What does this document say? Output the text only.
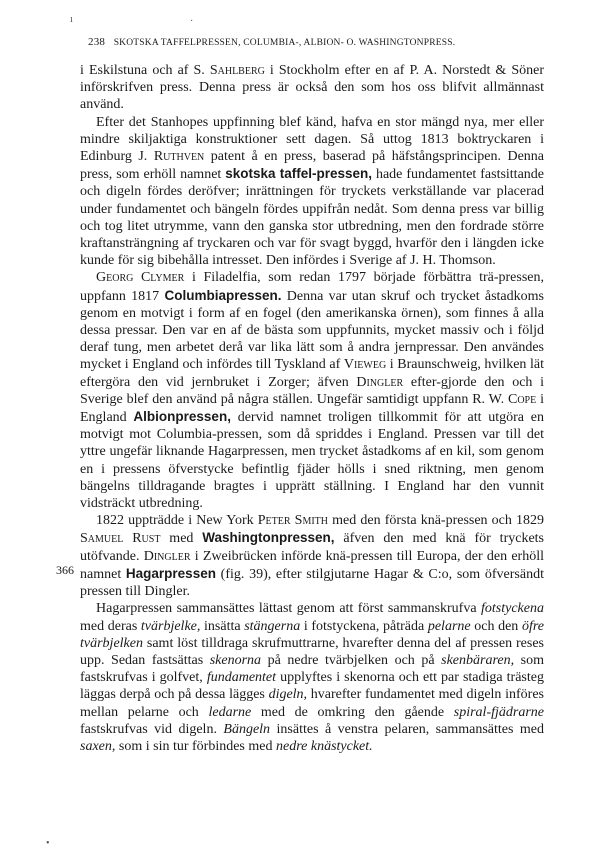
238 SKOTSKA TAFFELPRESSEN, COLUMBIA-, ALBION- O. WASHINGTONPRESS.
366

i Eskilstuna och af S. Sahlberg i Stockholm efter en af P. A. Norstedt & Söner införskrifven press. Denna press är också den som hos oss blifvit allmännast använd.

Efter det Stanhopes uppfinning blef känd, hafva en stor mängd nya, mer eller mindre skiljaktiga konstruktioner sett dagen. Så uttog 1813 boktryckaren i Edinburg J. Ruthven patent å en press, baserad på häfstångsprincipen. Denna press, som erhöll namnet skotska taffel-pressen, hade fundamentet fastsittande och digeln fördes deröfver; inrättningen för tryckets verkställande var placerad under fundamentet och bängeln fördes uppifrån nedåt. Som denna press var billig och tog litet utrymme, vann den ganska stor utbredning, men den fordrade större kraftansträngning af tryckaren och var för svagt byggd, hvarför den i längden icke kunde för sig bibehålla intresset. Den infördes i Sverige af J. H. Thomson.

Georg Clymer i Filadelfia, som redan 1797 började förbättra trä-pressen, uppfann 1817 Columbiapressen. Denna var utan skruf och trycket åstadkoms genom en motvigt i form af en fogel (den amerikanska örnen), som finnes å alla dessa pressar. Den var en af de bästa som uppfunnits, mycket massiv och i följd deraf tung, men arbetet derå var lika lätt som å andra jernpressar. Den användes mycket i England och infördes till Tyskland af Vieweg i Braunschweig, hvilken lät eftergöra den vid jernbruket i Zorger; äfven Dingler efter-gjorde den och i Sverige blef den använd på några ställen. Ungefär samtidigt uppfann R. W. Cope i England Albionpressen, dervid namnet troligen tillkommit för att utgöra en motvigt mot Columbia-pressen, som då spriddes i England. Pressen var till det yttre ungefär liknande Hagarpressen, men trycket åstadkoms af en kil, som genom en i pressens öfverstycke befintlig fjäder hölls i sned riktning, men genom bängelns tilldragande bragtes i upprätt ställning. I England har den vunnit vidsträckt utbredning.

1822 uppträdde i New York Peter Smith med den första knä-pressen och 1829 Samuel Rust med Washingtonpressen, äfven den med knä för tryckets utöfvande. Dingler i Zweibrücken införde knä-pressen till Europa, der den erhöll namnet Hagarpressen (fig. 39), efter stilgjutarne Hagar & C:o, som öfversändt pressen till Dingler.

Hagarpressen sammansättes lättast genom att först sammanskrufva fotstyckena med deras tvärbjelke, insätta stängerna i fotstyckena, påträda pelarne och den öfre tvärbjelken samt löst tilldraga skrufmuttrarne, hvarefter denna del af pressen reses upp. Sedan fastsättas skenorna på nedre tvärbjelken och på skenbäraren, som fastskrufvas i golfvet, fundamentet upplyftes i skenorna och ett par stadiga trästeg läggas derpå och på dessa lägges digeln, hvarefter fundamentet med digeln införes mellan pelarne och ledarne med de omkring den gående spiral-fjädrarne fastskrufvas vid digeln. Bängeln insättes å venstra pelaren, sammansättes med saxen, som i sin tur förbindes med nedre knästycket.

ı	·
•
